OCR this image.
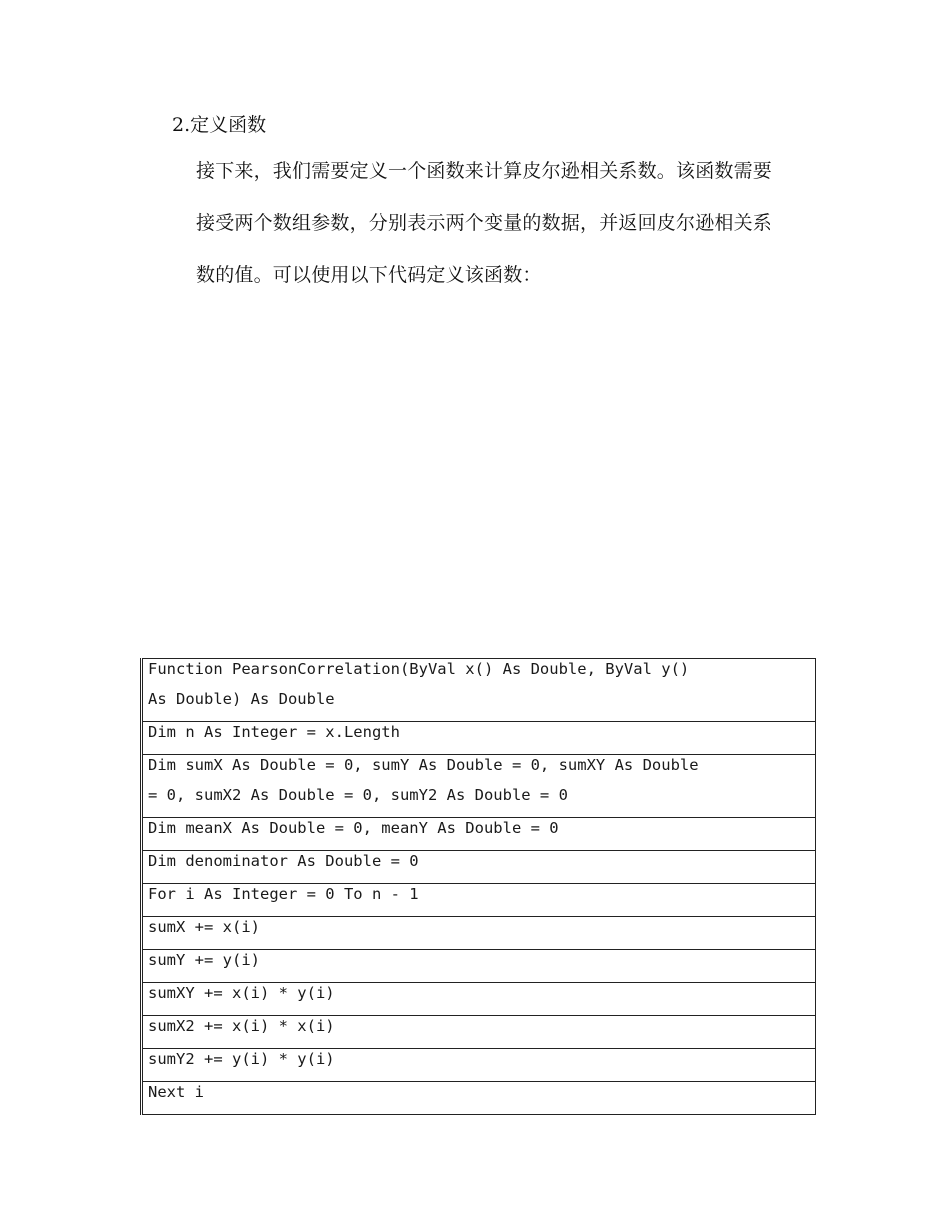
2.定义函数
接下来，我们需要定义一个函数来计算皮尔逊相关系数。该函数需要
接受两个数组参数，分别表示两个变量的数据，并返回皮尔逊相关系
数的值。可以使用以下代码定义该函数：
Function PearsonCorrelation(ByVal x() As Double, ByVal y()
As Double) As Double

Dim n As Integer = x.Length

Dim sumX As Double = 0, sumY As Double = 0, sumXY As Double
= 0, sumX2 As Double = 0, sumY2 As Double = 0

Dim meanX As Double = 0, meanY As Double = 0

Dim denominator As Double = 0

For i As Integer = 0 To n - 1

sumX += x(i)

sumY += y(i)

sumXY += x(i) * y(i)

sumX2 += x(i) * x(i)

sumY2 += y(i) * y(i)

Next i
